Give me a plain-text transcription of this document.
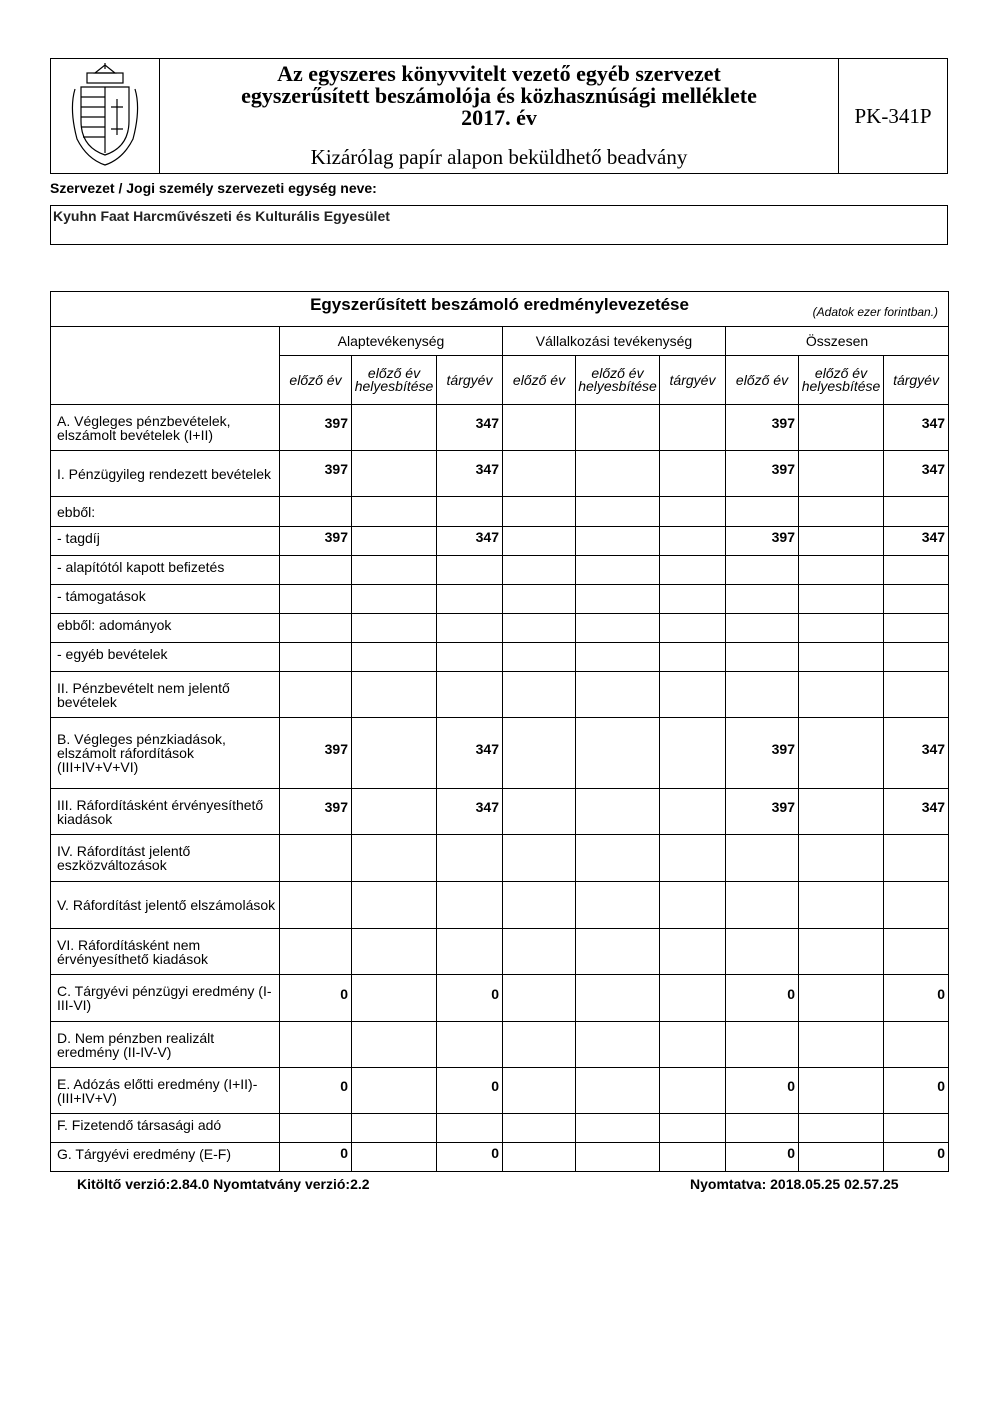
Az egyszeres könyvvitelt vezető egyéb szervezet
egyszerűsített beszámolója és közhasznúsági melléklete
2017. év
Kizárólag papír alapon beküldhető beadvány
PK-341P
Szervezet / Jogi személy szervezeti egység neve:
Kyuhn Faat Harcművészeti és Kulturális Egyesület
Egyszerűsített beszámoló eredménylevezetése (Adatok ezer forintban.)									

	Alaptevékenység			Vállalkozási tevékenység			Összesen		
	előző év	előző év helyesbítése	tárgyév	előző év	előző év helyesbítése	tárgyév	előző év	előző év helyesbítése	tárgyév
A. Végleges pénzbevételek, elszámolt bevételek (I+II)	397		347				397		347
I. Pénzügyileg rendezett bevételek	397		347				397		347
ebből:									
- tagdíj	397		347				397		347
- alapítótól kapott befizetés									
- támogatások									
ebből: adományok									
- egyéb bevételek									
II. Pénzbevételt nem jelentő bevételek									
B. Végleges pénzkiadások, elszámolt ráfordítások (III+IV+V+VI)	397		347				397		347
III. Ráfordításként érvényesíthető kiadások	397		347				397		347
IV. Ráfordítást jelentő eszközváltozások									
V. Ráfordítást jelentő elszámolások									
VI. Ráfordításként nem érvényesíthető kiadások									
C. Tárgyévi pénzügyi eredmény (I-III-VI)	0		0				0		0
D. Nem pénzben realizált eredmény (II-IV-V)									
E. Adózás előtti eredmény (I+II)-(III+IV+V)	0		0				0		0
F. Fizetendő társasági adó									
G. Tárgyévi eredmény (E-F)	0		0				0		0
Kitöltő verzió:2.84.0 Nyomtatvány verzió:2.2	Nyomtatva: 2018.05.25 02.57.25
